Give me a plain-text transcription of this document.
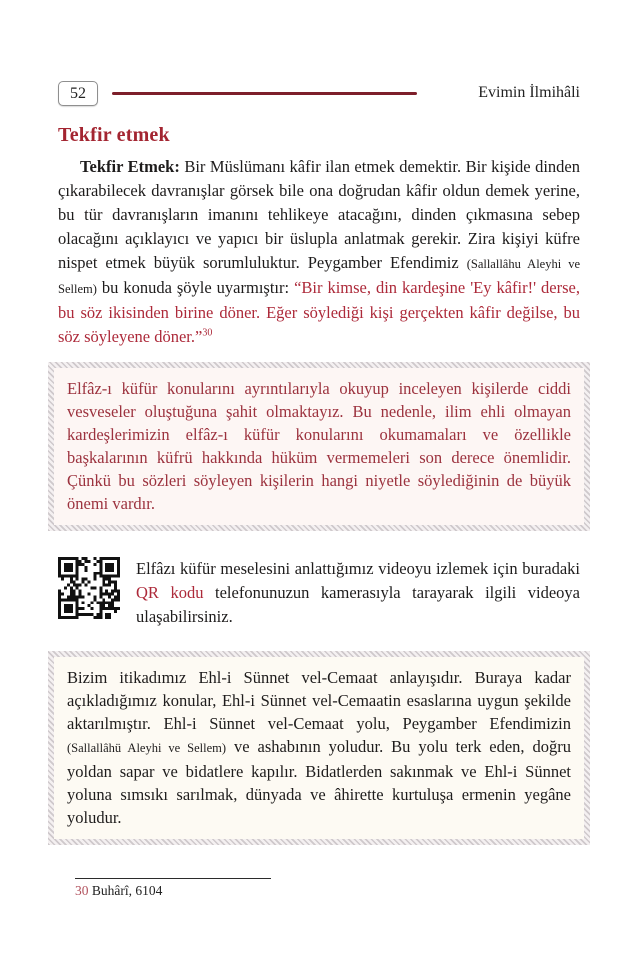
52	Evimin İlmihâli
Tekfir etmek

Tekfir Etmek: Bir Müslümanı kâfir ilan etmek demektir. Bir kişide dinden çıkarabilecek davranışlar görsek bile ona doğrudan kâfir oldun demek yerine, bu tür davranışların imanını tehlikeye atacağını, dinden çıkmasına sebep olacağını açıklayıcı ve yapıcı bir üslupla anlatmak gerekir. Zira kişiyi küfre nispet etmek büyük sorumluluktur. Peygamber Efendimiz (Sallallâhu Aleyhi ve Sellem) bu konuda şöyle uyarmıştır: “Bir kimse, din kardeşine 'Ey kâfir!' derse, bu söz ikisinden birine döner. Eğer söylediği kişi gerçekten kâfir değilse, bu söz söyleyene döner.”$^{30}$

Elfâz-ı küfür konularını ayrıntılarıyla okuyup inceleyen kişilerde ciddi vesveseler oluştuğuna şahit olmaktayız. Bu nedenle, ilim ehli olmayan kardeşlerimizin elfâz-ı küfür konularını okumamaları ve özellikle başkalarının küfrü hakkında hüküm vermemeleri son derece önemlidir. Çünkü bu sözleri söyleyen kişilerin hangi niyetle söylediğinin de büyük önemi vardır.

Elfâzı küfür meselesini anlattığımız videoyu izlemek için buradaki QR kodu telefonunuzun kamerasıyla tarayarak ilgili videoya ulaşabilirsiniz.

Bizim itikadımız Ehl-i Sünnet vel-Cemaat anlayışıdır. Buraya kadar açıkladığımız konular, Ehl-i Sünnet vel-Cemaatin esaslarına uygun şekilde aktarılmıştır. Ehl-i Sünnet vel-Cemaat yolu, Peygamber Efendimizin (Sallallâhü Aleyhi ve Sellem) ve ashabının yoludur. Bu yolu terk eden, doğru yoldan sapar ve bidatlere kapılır. Bidatlerden sakınmak ve Ehl-i Sünnet yoluna sımsıkı sarılmak, dünyada ve âhirette kurtuluşa ermenin yegâne yoludur.
30 Buhârî, 6104
